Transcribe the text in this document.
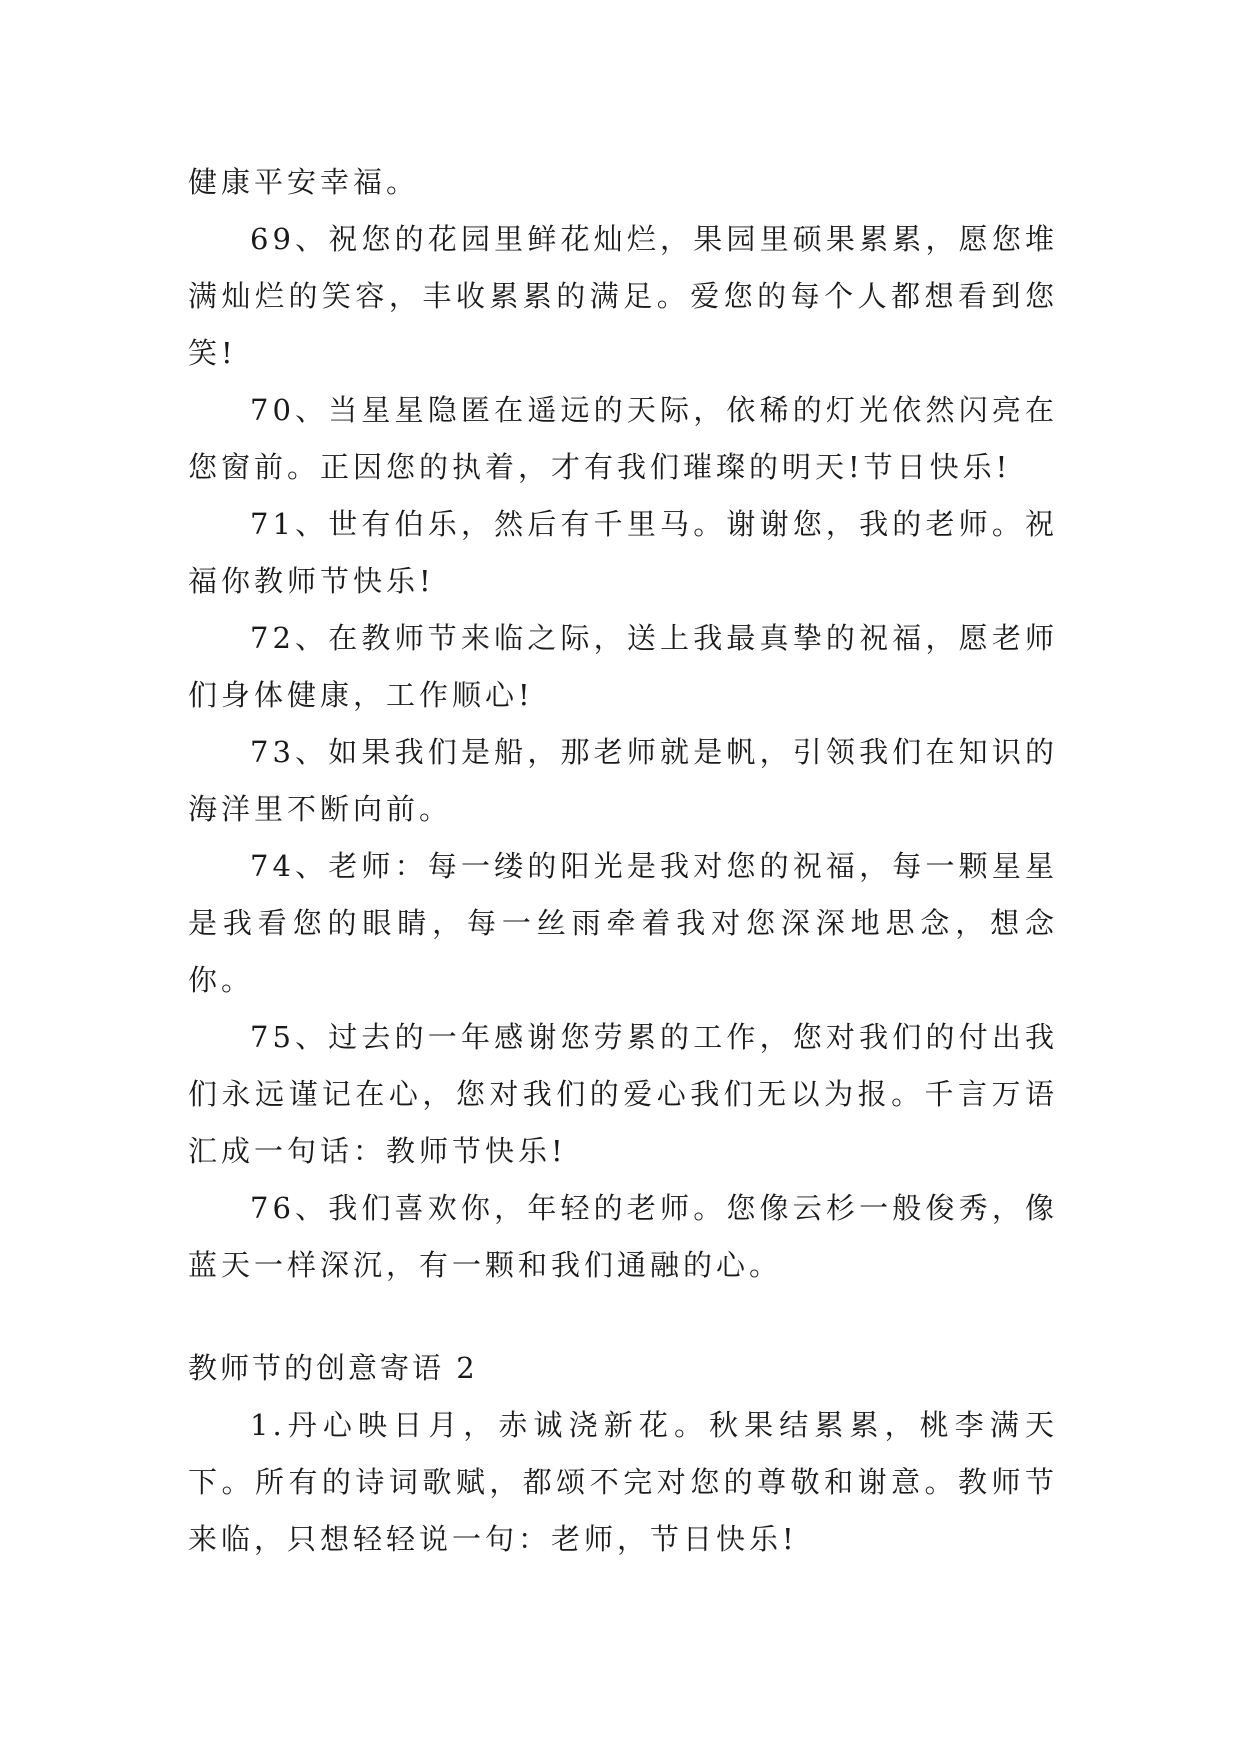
健康平安幸福。

69、祝您的花园里鲜花灿烂，果园里硕果累累，愿您堆满灿烂的笑容，丰收累累的满足。爱您的每个人都想看到您笑!

70、当星星隐匿在遥远的天际，依稀的灯光依然闪亮在您窗前。正因您的执着，才有我们璀璨的明天!节日快乐!

71、世有伯乐，然后有千里马。谢谢您，我的老师。祝福你教师节快乐!

72、在教师节来临之际，送上我最真挚的祝福，愿老师们身体健康，工作顺心!

73、如果我们是船，那老师就是帆，引领我们在知识的海洋里不断向前。

74、老师：每一缕的阳光是我对您的祝福，每一颗星星是我看您的眼睛，每一丝雨牵着我对您深深地思念，想念你。

75、过去的一年感谢您劳累的工作，您对我们的付出我们永远谨记在心，您对我们的爱心我们无以为报。千言万语汇成一句话：教师节快乐!

76、我们喜欢你，年轻的老师。您像云杉一般俊秀，像蓝天一样深沉，有一颗和我们通融的心。

教师节的创意寄语 2

1.丹心映日月，赤诚浇新花。秋果结累累，桃李满天下。所有的诗词歌赋，都颂不完对您的尊敬和谢意。教师节来临，只想轻轻说一句：老师，节日快乐!
